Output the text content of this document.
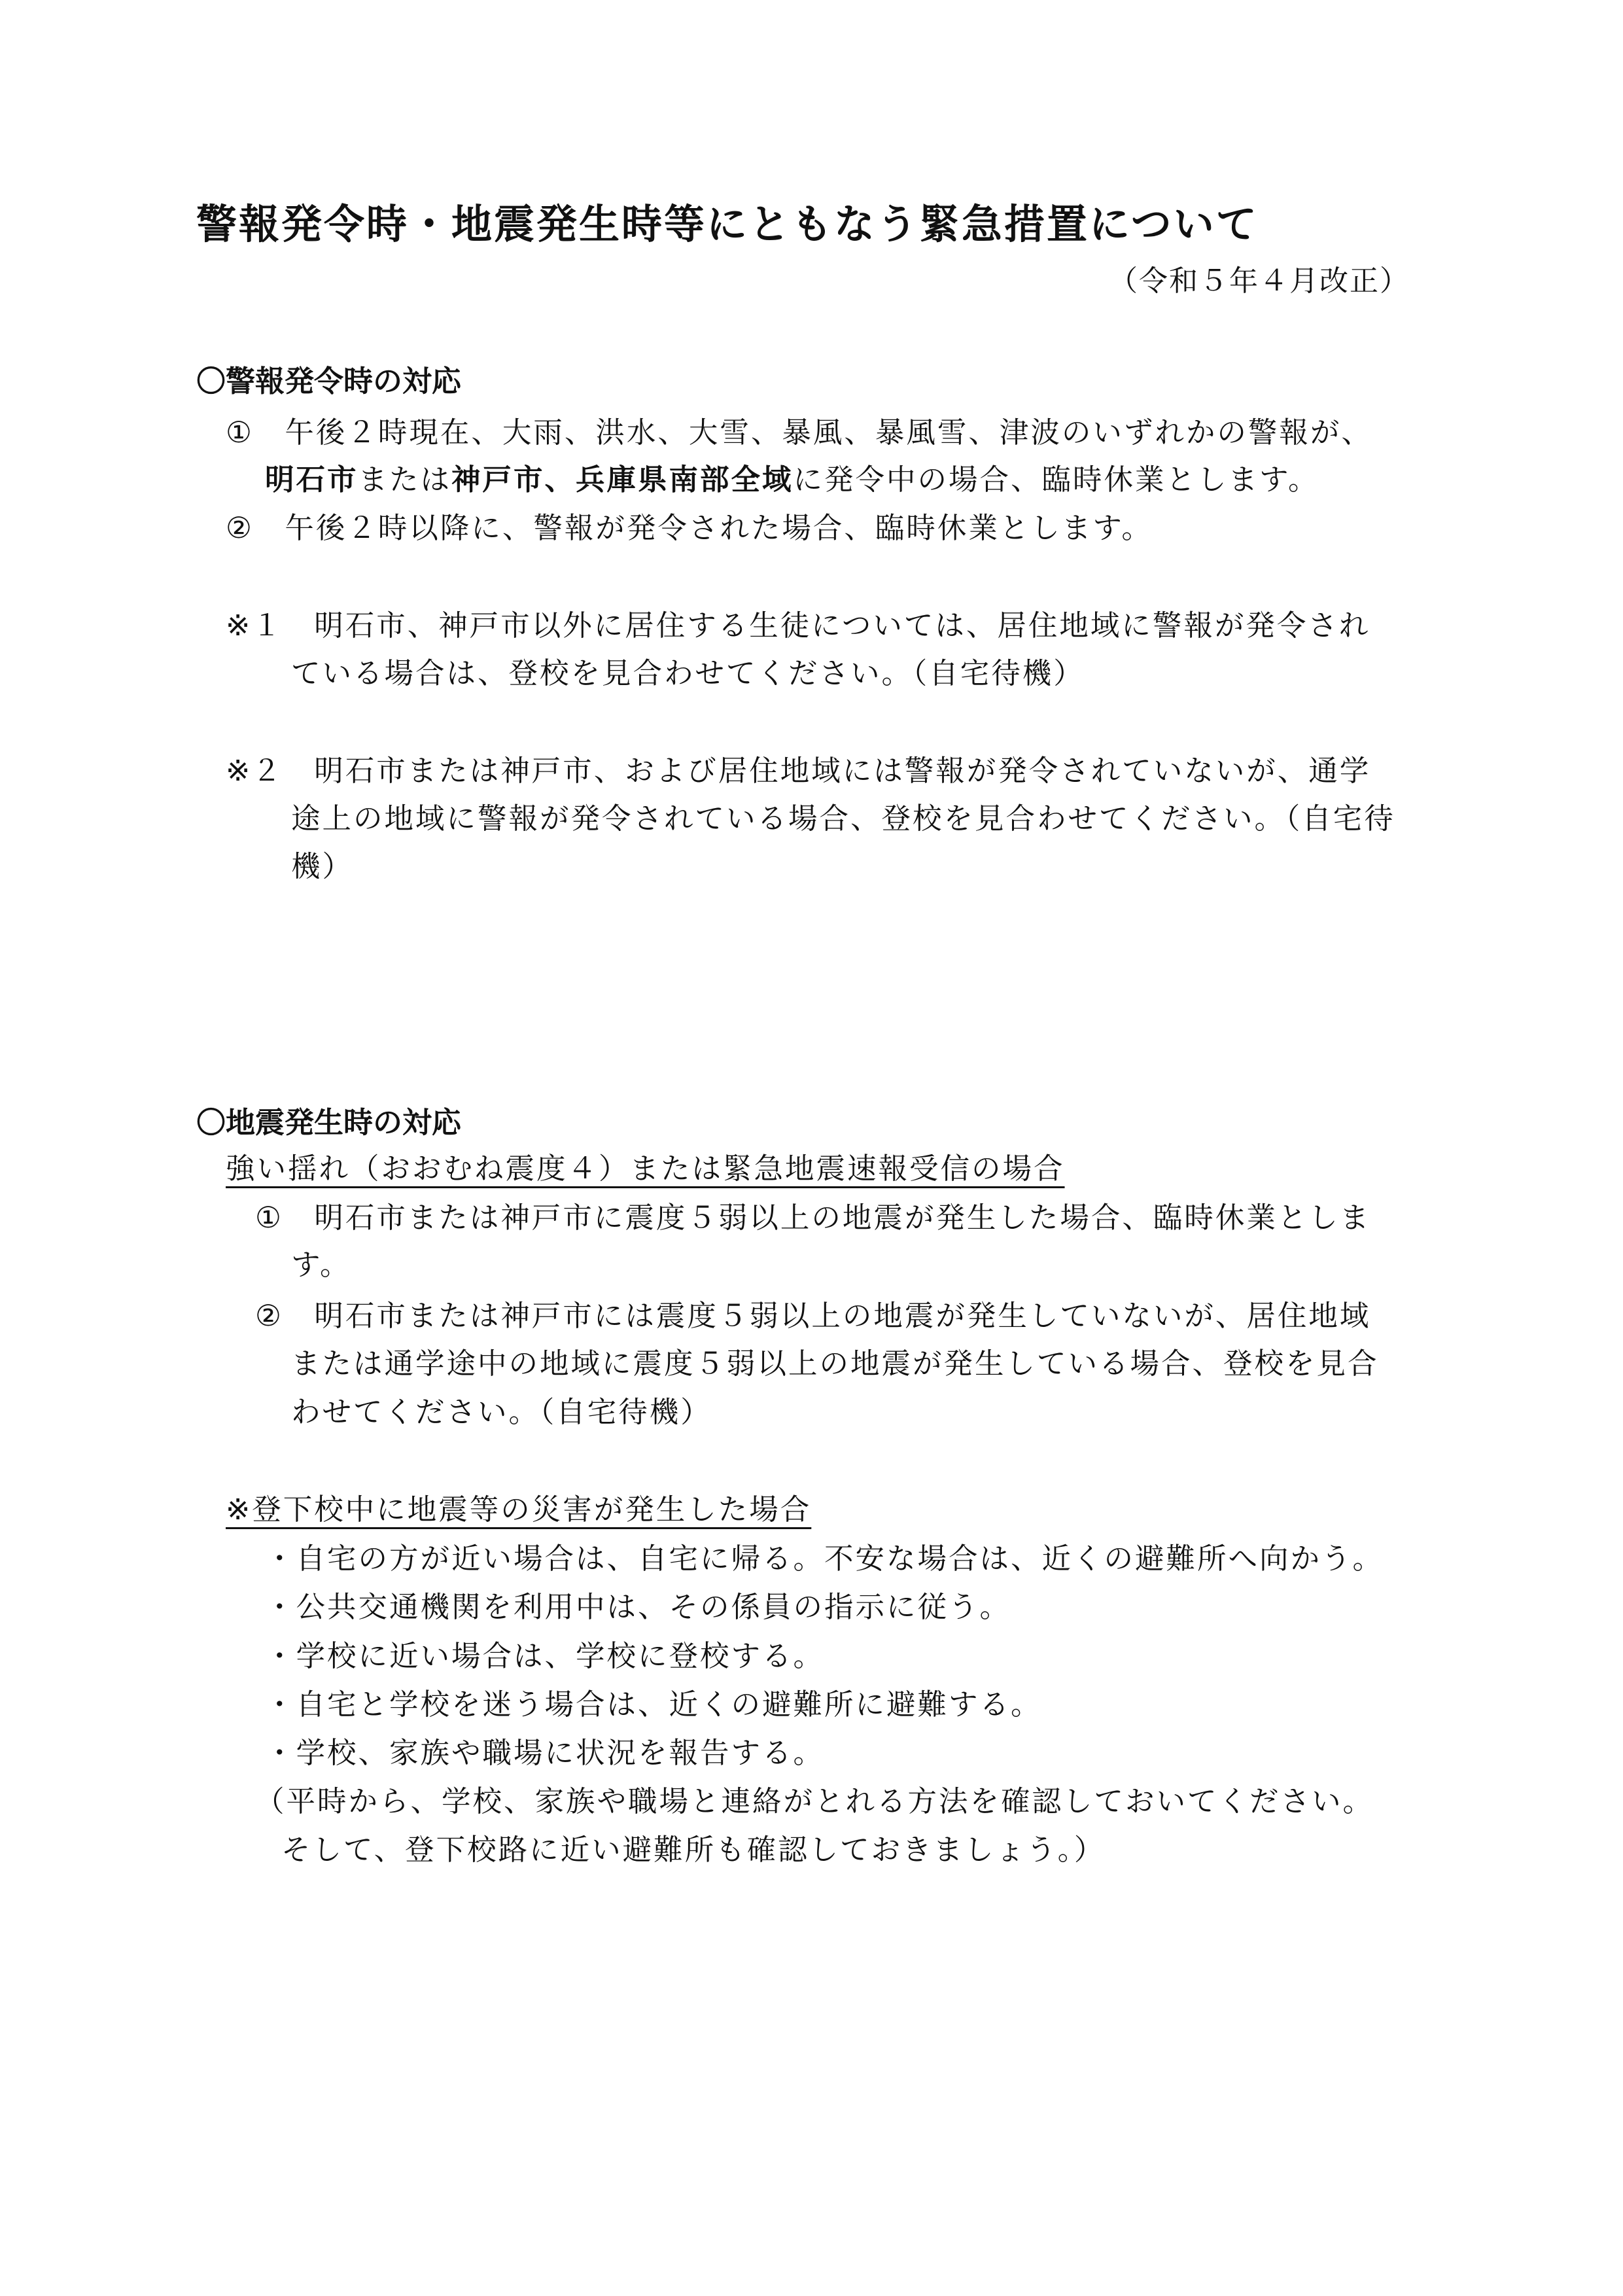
警報発令時・地震発生時等にともなう緊急措置について
（令和５年４月改正）
〇警報発令時の対応
①　午後２時現在、大雨、洪水、大雪、暴風、暴風雪、津波のいずれかの警報が、
明石市または神戸市、兵庫県南部全域に発令中の場合、臨時休業とします。
②　午後２時以降に、警報が発令された場合、臨時休業とします。
※１　明石市、神戸市以外に居住する生徒については、居住地域に警報が発令され
ている場合は、登校を見合わせてください。（自宅待機）
※２　明石市または神戸市、および居住地域には警報が発令されていないが、通学
途上の地域に警報が発令されている場合、登校を見合わせてください。（自宅待
機）
〇地震発生時の対応
強い揺れ（おおむね震度４）または緊急地震速報受信の場合
①　明石市または神戸市に震度５弱以上の地震が発生した場合、臨時休業としま
す。
②　明石市または神戸市には震度５弱以上の地震が発生していないが、居住地域
または通学途中の地域に震度５弱以上の地震が発生している場合、登校を見合
わせてください。（自宅待機）
※登下校中に地震等の災害が発生した場合
・自宅の方が近い場合は、自宅に帰る。不安な場合は、近くの避難所へ向かう。
・公共交通機関を利用中は、その係員の指示に従う。
・学校に近い場合は、学校に登校する。
・自宅と学校を迷う場合は、近くの避難所に避難する。
・学校、家族や職場に状況を報告する。
（平時から、学校、家族や職場と連絡がとれる方法を確認しておいてください。
そして、登下校路に近い避難所も確認しておきましょう。）
